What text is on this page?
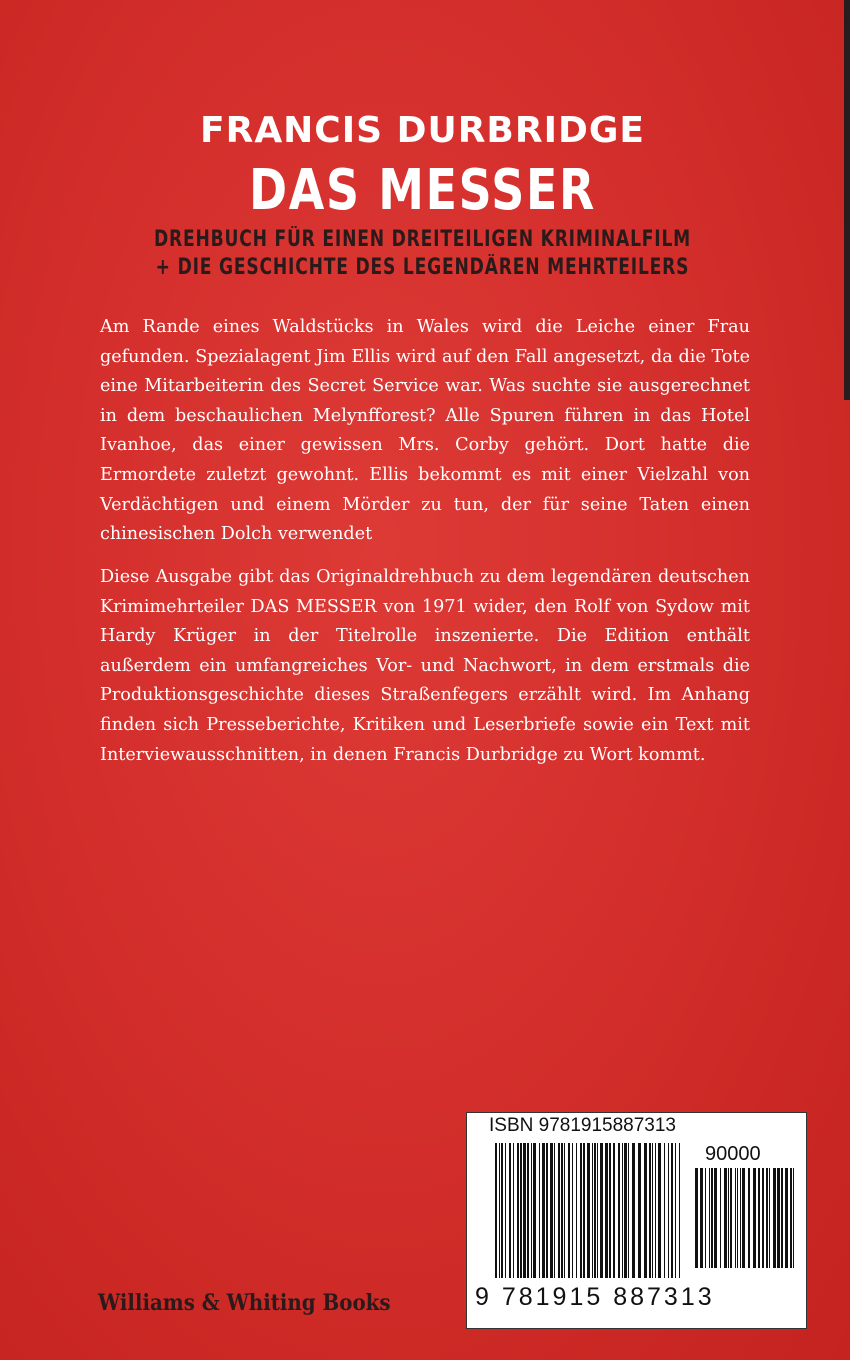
FRANCIS DURBRIDGE
DAS MESSER
DREHBUCH FÜR EINEN DREITEILIGEN KRIMINALFILM
+ DIE GESCHICHTE DES LEGENDÄREN MEHRTEILERS

Am Rande eines Waldstücks in Wales wird die Leiche einer Frau gefunden. Spezialagent Jim Ellis wird auf den Fall angesetzt, da die Tote eine Mitarbeiterin des Secret Service war. Was suchte sie ausgerechnet in dem beschaulichen Melynfforest? Alle Spuren führen in das Hotel Ivanhoe, das einer gewissen Mrs. Corby gehört. Dort hatte die Ermordete zuletzt gewohnt. Ellis bekommt es mit einer Vielzahl von Verdächtigen und einem Mörder zu tun, der für seine Taten einen chinesischen Dolch verwendet

Diese Ausgabe gibt das Originaldrehbuch zu dem legendären deutschen Krimimehrteiler DAS MESSER von 1971 wider, den Rolf von Sydow mit Hardy Krüger in der Titelrolle inszenierte. Die Edition enthält außerdem ein umfangreiches Vor- und Nachwort, in dem erstmals die Produktionsgeschichte dieses Straßenfegers erzählt wird. Im Anhang finden sich Presseberichte, Kritiken und Leserbriefe sowie ein Text mit Interviewausschnitten, in denen Francis Durbridge zu Wort kommt.

Williams & Whiting Books
ISBN 9781915887313
90000
9 781915 887313
